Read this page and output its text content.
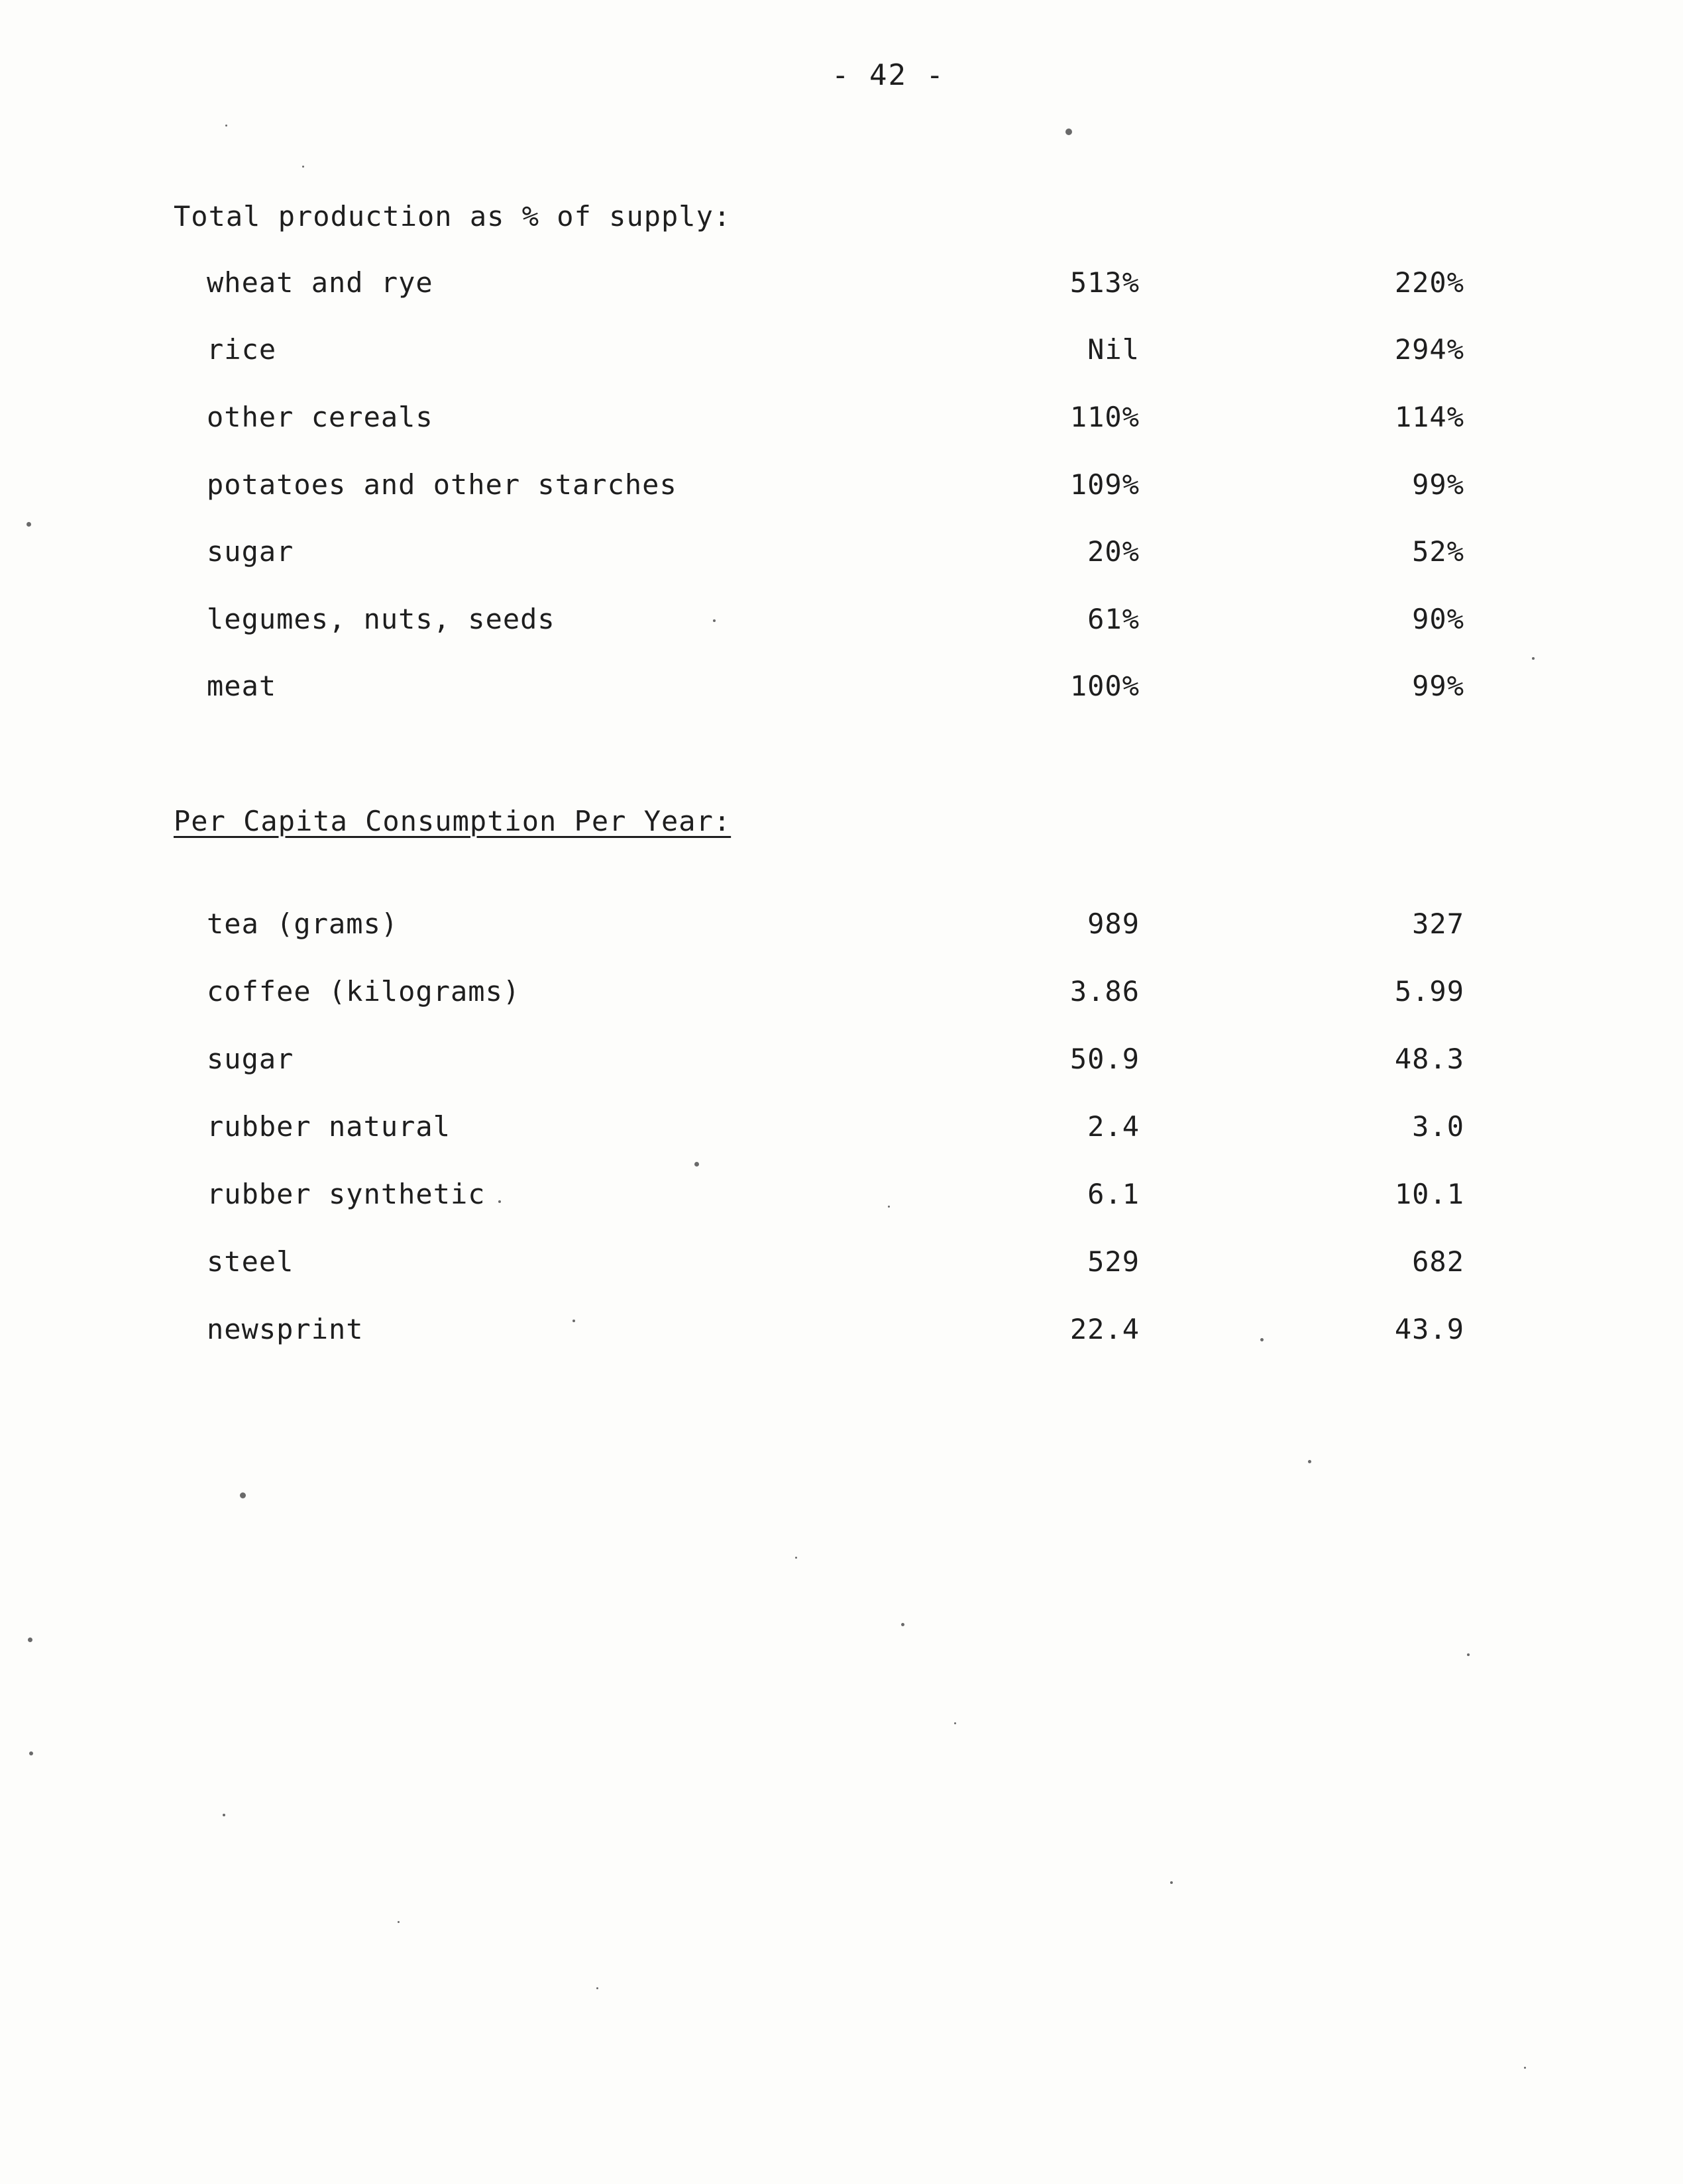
- 42 -
Total production as % of supply:
wheat and rye	513%	220%
rice	Nil	294%
other cereals	110%	114%
potatoes and other starches	109%	99%
sugar	20%	52%
legumes, nuts, seeds	61%	90%
meat	100%	99%
Per Capita Consumption Per Year:
tea (grams)	989	327
coffee (kilograms)	3.86	5.99
sugar	50.9	48.3
rubber natural	2.4	3.0
rubber synthetic	6.1	10.1
steel	529	682
newsprint	22.4	43.9
